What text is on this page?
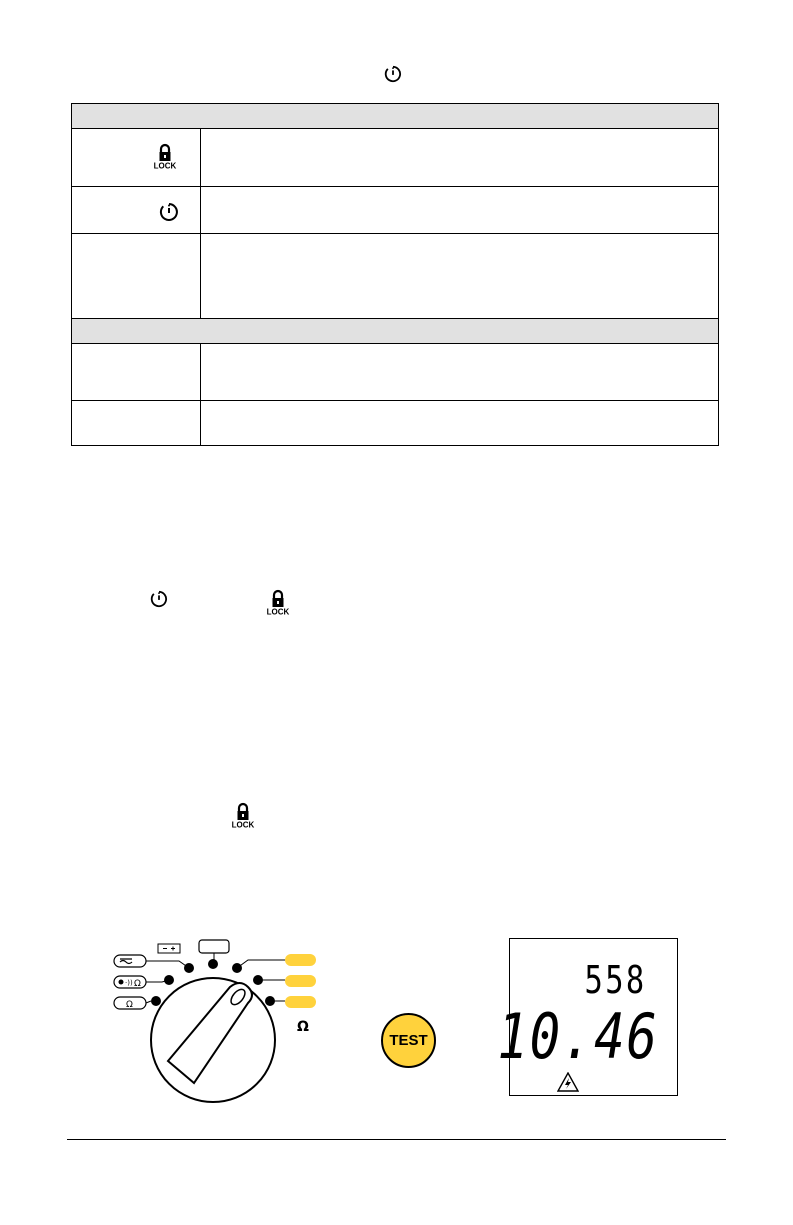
LOCK
LOCK
LOCK
·)) Ω
Ω
Ω
TEST
558
10.46
